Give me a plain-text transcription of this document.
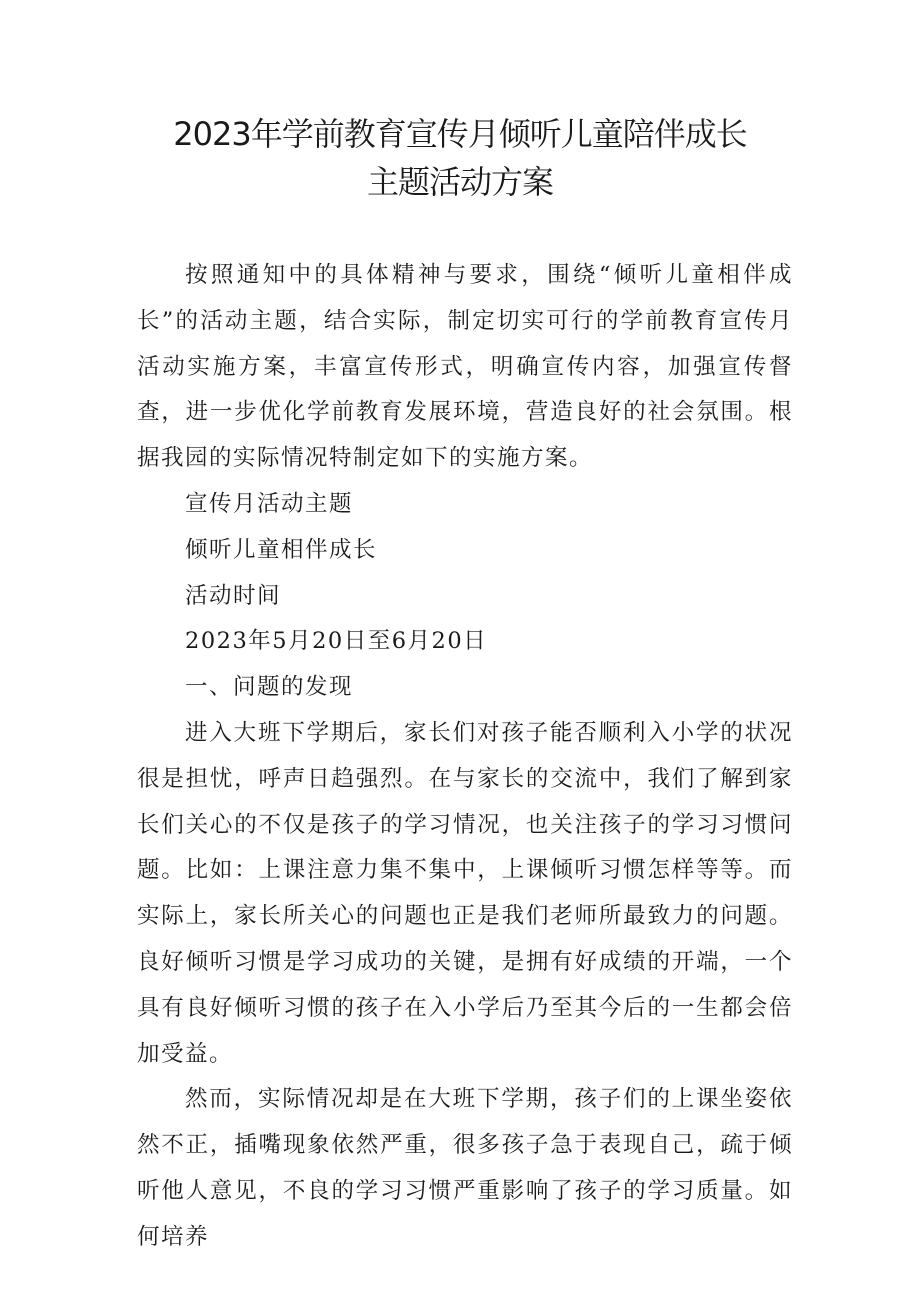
2023年学前教育宣传月倾听儿童陪伴成长
主题活动方案

按照通知中的具体精神与要求，围绕“倾听儿童相伴成长”的活动主题，结合实际，制定切实可行的学前教育宣传月活动实施方案，丰富宣传形式，明确宣传内容，加强宣传督查，进一步优化学前教育发展环境，营造良好的社会氛围。根据我园的实际情况特制定如下的实施方案。

宣传月活动主题

倾听儿童相伴成长

活动时间

2023年5月20日至6月20日

一、问题的发现

进入大班下学期后，家长们对孩子能否顺利入小学的状况很是担忧，呼声日趋强烈。在与家长的交流中，我们了解到家长们关心的不仅是孩子的学习情况，也关注孩子的学习习惯问题。比如：上课注意力集不集中，上课倾听习惯怎样等等。而实际上，家长所关心的问题也正是我们老师所最致力的问题。良好倾听习惯是学习成功的关键，是拥有好成绩的开端，一个具有良好倾听习惯的孩子在入小学后乃至其今后的一生都会倍加受益。

然而，实际情况却是在大班下学期，孩子们的上课坐姿依然不正，插嘴现象依然严重，很多孩子急于表现自己，疏于倾听他人意见，不良的学习习惯严重影响了孩子的学习质量。如何培养
